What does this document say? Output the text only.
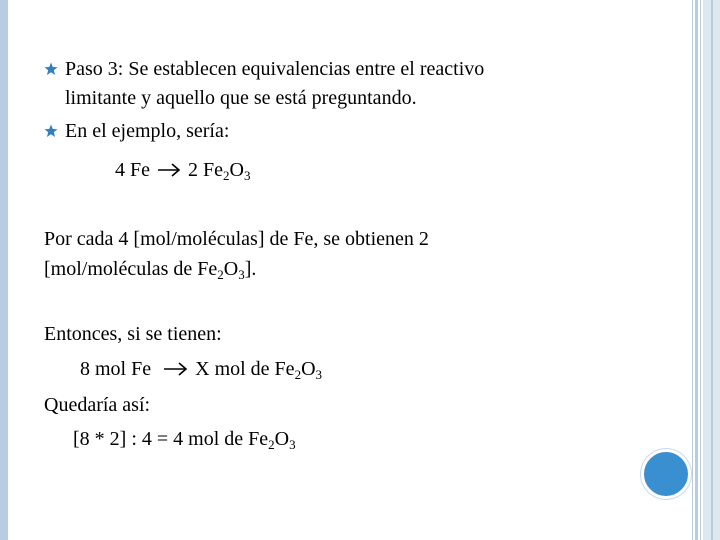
Paso 3: Se establecen equivalencias entre el reactivo
limitante y aquello que se está preguntando.
En el ejemplo, sería:
4 Fe 2 $Fe_2O_3$
Por cada 4 [mol/moléculas] de Fe, se obtienen 2
[mol/moléculas de $Fe_2O_3$].
Entonces, si se tienen:
8 mol Fe X mol de $Fe_2O_3$
Quedaría así:
[8 * 2] : 4 = 4 mol de $Fe_2O_3$
